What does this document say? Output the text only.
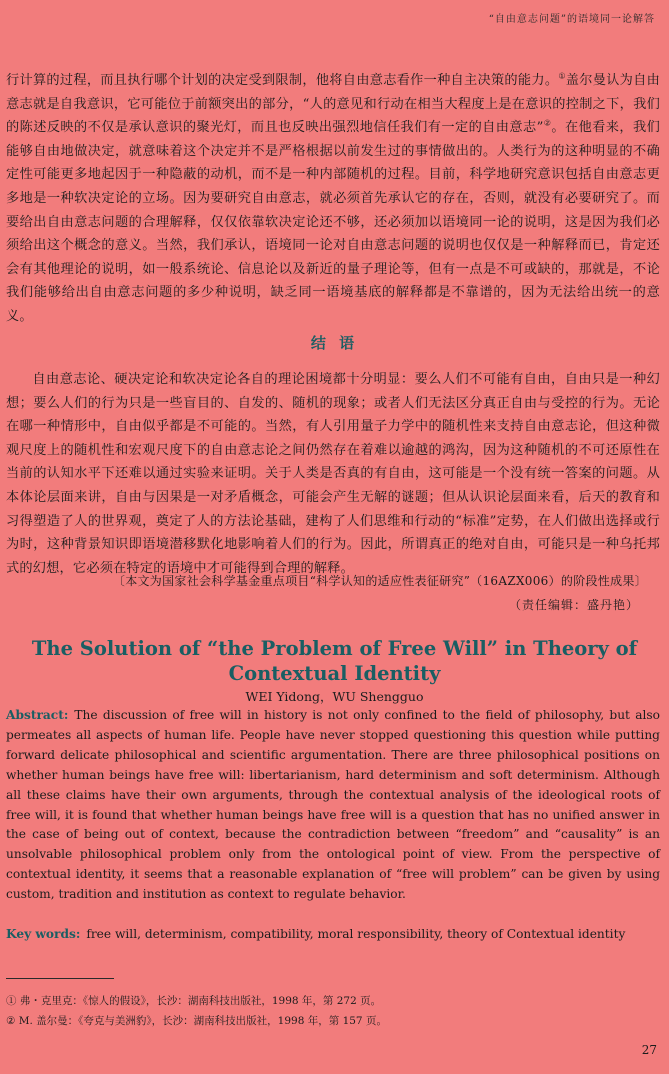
“自由意志问题”的语境同一论解答

行计算的过程，而且执行哪个计划的决定受到限制，他将自由意志看作一种自主决策的能力。①盖尔曼认为自由意志就是自我意识，它可能位于前额突出的部分，“人的意见和行动在相当大程度上是在意识的控制之下，我们的陈述反映的不仅是承认意识的聚光灯，而且也反映出强烈地信任我们有一定的自由意志”②。在他看来，我们能够自由地做决定，就意味着这个决定并不是严格根据以前发生过的事情做出的。人类行为的这种明显的不确定性可能更多地起因于一种隐蔽的动机，而不是一种内部随机的过程。目前，科学地研究意识包括自由意志更多地是一种软决定论的立场。因为要研究自由意志，就必须首先承认它的存在，否则，就没有必要研究了。而要给出自由意志问题的合理解释，仅仅依靠软决定论还不够，还必须加以语境同一论的说明，这是因为我们必须给出这个概念的意义。当然，我们承认，语境同一论对自由意志问题的说明也仅仅是一种解释而已，肯定还会有其他理论的说明，如一般系统论、信息论以及新近的量子理论等，但有一点是不可或缺的，那就是，不论我们能够给出自由意志问题的多少种说明，缺乏同一语境基底的解释都是不靠谱的，因为无法给出统一的意义。

结 语

自由意志论、硬决定论和软决定论各自的理论困境都十分明显：要么人们不可能有自由，自由只是一种幻想；要么人们的行为只是一些盲目的、自发的、随机的现象；或者人们无法区分真正自由与受控的行为。无论在哪一种情形中，自由似乎都是不可能的。当然，有人引用量子力学中的随机性来支持自由意志论，但这种微观尺度上的随机性和宏观尺度下的自由意志论之间仍然存在着难以逾越的鸿沟，因为这种随机的不可还原性在当前的认知水平下还难以通过实验来证明。关于人类是否真的有自由，这可能是一个没有统一答案的问题。从本体论层面来讲，自由与因果是一对矛盾概念，可能会产生无解的谜题；但从认识论层面来看，后天的教育和习得塑造了人的世界观，奠定了人的方法论基础，建构了人们思维和行动的“标准”定势，在人们做出选择或行为时，这种背景知识即语境潜移默化地影响着人们的行为。因此，所谓真正的绝对自由，可能只是一种乌托邦式的幻想，它必须在特定的语境中才可能得到合理的解释。

〔本文为国家社会科学基金重点项目“科学认知的适应性表征研究”（16AZX006）的阶段性成果〕
（责任编辑：盛丹艳）
The Solution of “the Problem of Free Will” in Theory of
Contextual Identity
WEI Yidong，WU Shengguo
Abstract: The discussion of free will in history is not only confined to the field of philosophy, but also permeates all aspects of human life. People have never stopped questioning this question while putting forward delicate philosophical and scientific argumentation. There are three philosophical positions on whether human beings have free will: libertarianism, hard determinism and soft determinism. Although all these claims have their own arguments, through the contextual analysis of the ideological roots of free will, it is found that whether human beings have free will is a question that has no unified answer in the case of being out of context, because the contradiction between “freedom” and “causality” is an unsolvable philosophical problem only from the ontological point of view. From the perspective of contextual identity, it seems that a reasonable explanation of “free will problem” can be given by using custom, tradition and institution as context to regulate behavior.
Key words: free will, determinism, compatibility, moral responsibility, theory of Contextual identity
① 弗・克里克：《惊人的假设》，长沙：湖南科技出版社，1998 年，第 272 页。
② M. 盖尔曼：《夸克与美洲豹》，长沙：湖南科技出版社，1998 年，第 157 页。
27
